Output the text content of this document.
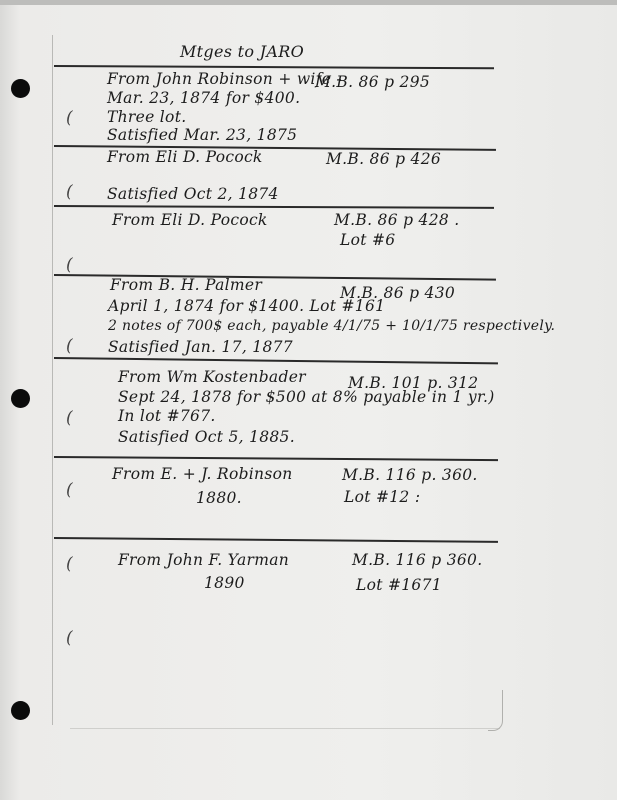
(
(
(
(
(
(
(
(
Mtges to JARO
From John Robinson + wife -
M.B. 86 p 295
Mar. 23, 1874 for $400.
Three lot.
Satisfied Mar. 23, 1875
From Eli D. Pocock	M.B. 86 p 426
Satisfied Oct 2, 1874
From Eli D. Pocock	M.B. 86 p 428 .
Lot #6
From B. H. Palmer	M.B. 86 p 430
April 1, 1874 for $1400. Lot #161
2 notes of 700$ each, payable 4/1/75 + 10/1/75 respectively.
Satisfied Jan. 17, 1877
From Wm Kostenbader	M.B. 101 p. 312
Sept 24, 1878 for $500 at 8% payable in 1 yr.)
In lot #767.
Satisfied Oct 5, 1885.
From E. + J. Robinson	M.B. 116 p. 360.
1880.	Lot #12 :
From John F. Yarman	M.B. 116 p 360.
1890	Lot #1671
